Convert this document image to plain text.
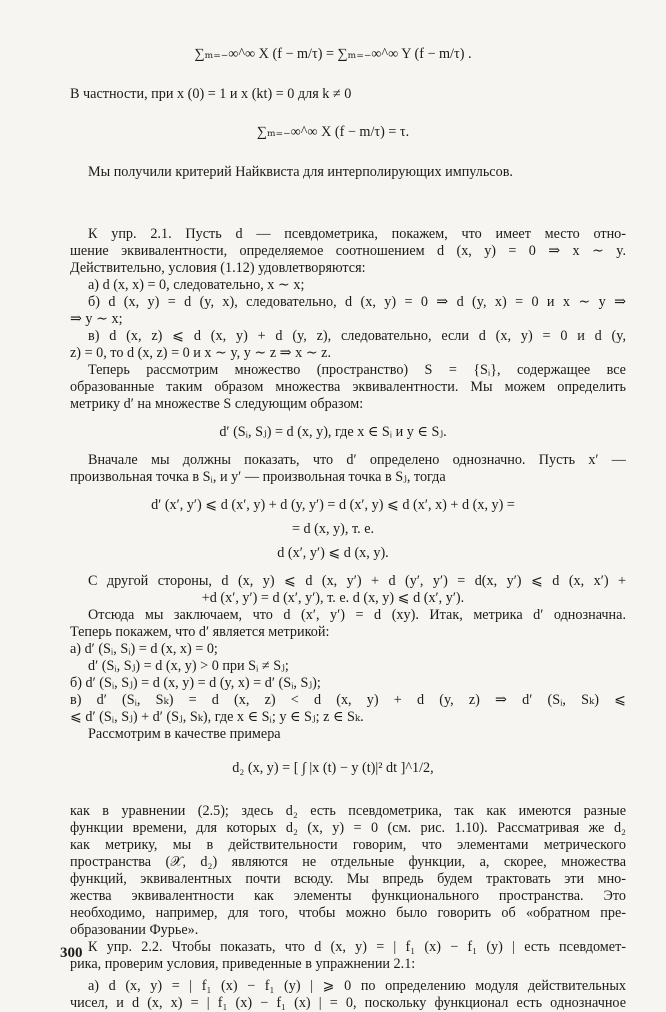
∑ₘ₌₋∞^∞ X (f − m/τ) = ∑ₘ₌₋∞^∞ Y (f − m/τ) .
В частности, при x (0) = 1 и x (kt) = 0 для k ≠ 0
∑ₘ₌₋∞^∞ X (f − m/τ) = τ.
Мы получили критерий Найквиста для интерполирующих импульсов.
К упр. 2.1. Пусть d — псевдометрика, покажем, что имеет место отно-
шение эквивалентности, определяемое соотношением d (x, y) = 0 ⇒ x ∼ y.
Действительно, условия (1.12) удовлетворяются:
а) d (x, x) = 0, следовательно, x ∼ x;
б) d (x, y) = d (y, x), следовательно, d (x, y) = 0 ⇒ d (y, x) = 0 и x ∼ y ⇒
⇒ y ∼ x;
в) d (x, z) ⩽ d (x, y) + d (y, z), следовательно, если d (x, y) = 0 и d (y,
z) = 0, то d (x, z) = 0 и x ∼ y, y ∼ z ⇒ x ∼ z.
Теперь рассмотрим множество (пространство) S = {Sᵢ}, содержащее все
образованные таким образом множества эквивалентности. Мы можем определить
метрику d′ на множестве S следующим образом:
d′ (Sᵢ, Sⱼ) = d (x, y), где x ∈ Sᵢ и y ∈ Sⱼ.
Вначале мы должны показать, что d′ определено однозначно. Пусть x′ —
произвольная точка в Sᵢ, и y′ — произвольная точка в Sⱼ, тогда
d′ (x′, y′) ⩽ d (x′, y) + d (y, y′) = d (x′, y) ⩽ d (x′, x) + d (x, y) =
= d (x, y), т. е.
d (x′, y′) ⩽ d (x, y).
С другой стороны, d (x, y) ⩽ d (x, y′) + d (y′, y′) = d(x, y′) ⩽ d (x, x′) +
+d (x′, y′) = d (x′, y′), т. е. d (x, y) ⩽ d (x′, y′).
Отсюда мы заключаем, что d (x′, y′) = d (xy). Итак, метрика d′ однозначна.
Теперь покажем, что d′ является метрикой:
а) d′ (Sᵢ, Sᵢ) = d (x, x) = 0;
d′ (Sᵢ, Sⱼ) = d (x, y) > 0 при Sᵢ ≠ Sⱼ;
б) d′ (Sᵢ, Sⱼ) = d (x, y) = d (y, x) = d′ (Sᵢ, Sⱼ);
в) d′ (Sᵢ, Sₖ) = d (x, z) < d (x, y) + d (y, z) ⇒ d′ (Sᵢ, Sₖ) ⩽
⩽ d′ (Sᵢ, Sⱼ) + d′ (Sⱼ, Sₖ), где x ∈ Sᵢ; y ∈ Sⱼ; z ∈ Sₖ.
Рассмотрим в качестве примера
d₂ (x, y) = [ ∫ |x (t) − y (t)|² dt ]^1/2,
как в уравнении (2.5); здесь d₂ есть псевдометрика, так как имеются разные
функции времени, для которых d₂ (x, y) = 0 (см. рис. 1.10). Рассматривая же d₂
как метрику, мы в действительности говорим, что элементами метрического
пространства (𝒳, d₂) являются не отдельные функции, а, скорее, множества
функций, эквивалентных почти всюду. Мы впредь будем трактовать эти мно-
жества эквивалентности как элементы функционального пространства. Это
необходимо, например, для того, чтобы можно было говорить об «обратном пре-
образовании Фурье».
К упр. 2.2. Чтобы показать, что d (x, y) = | f₁ (x) − f₁ (y) | есть псевдомет-
рика, проверим условия, приведенные в упражнении 2.1:
а) d (x, y) = | f₁ (x) − f₁ (y) | ⩾ 0 по определению модуля действительных
чисел, и d (x, x) = | f₁ (x) − f₁ (x) | = 0, поскольку функционал есть однозначное
300
